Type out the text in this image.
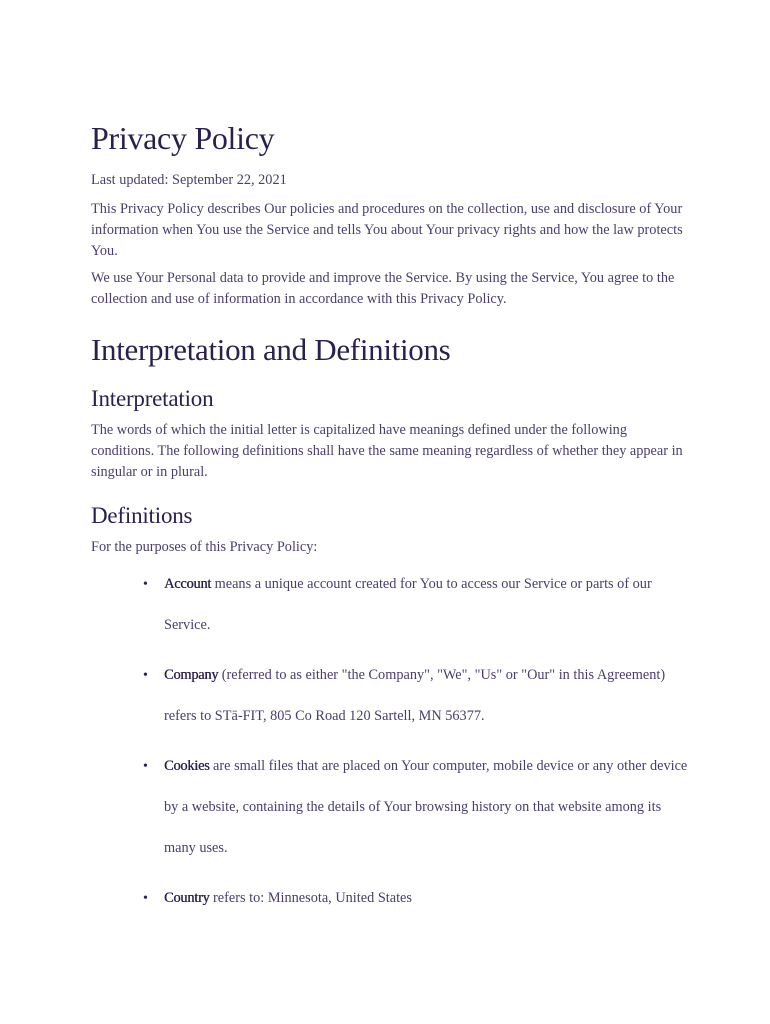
Privacy Policy

Last updated: September 22, 2021

This Privacy Policy describes Our policies and procedures on the collection, use and disclosure of Your information when You use the Service and tells You about Your privacy rights and how the law protects You.

We use Your Personal data to provide and improve the Service. By using the Service, You agree to the collection and use of information in accordance with this Privacy Policy.

Interpretation and Definitions
Interpretation

The words of which the initial letter is capitalized have meanings defined under the following conditions. The following definitions shall have the same meaning regardless of whether they appear in singular or in plural.

Definitions

For the purposes of this Privacy Policy:

• Account means a unique account created for You to access our Service or parts of our Service.
• Company (referred to as either "the Company", "We", "Us" or "Our" in this Agreement) refers to STā-FIT, 805 Co Road 120 Sartell, MN 56377.
• Cookies are small files that are placed on Your computer, mobile device or any other device by a website, containing the details of Your browsing history on that website among its many uses.
• Country refers to: Minnesota, United States
